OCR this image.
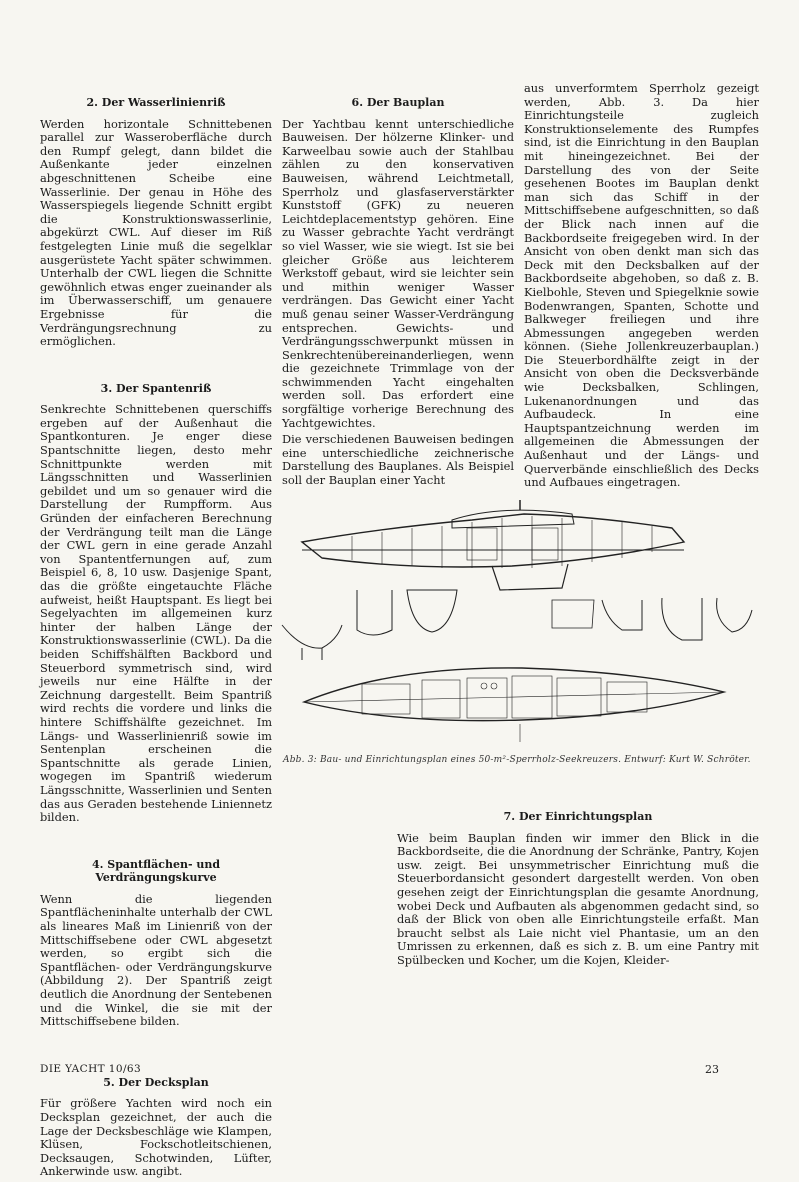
2. Der Wasserlinienriß

Werden horizontale Schnittebenen parallel zur Wasseroberfläche durch den Rumpf gelegt, dann bildet die Außenkante jeder einzelnen abgeschnittenen Scheibe eine Wasserlinie. Der genau in Höhe des Wasserspiegels liegende Schnitt ergibt die Konstruktionswasserlinie, abgekürzt CWL. Auf dieser im Riß festgelegten Linie muß die segelklar ausgerüstete Yacht später schwimmen. Unterhalb der CWL liegen die Schnitte gewöhnlich etwas enger zueinander als im Überwasserschiff, um genauere Ergebnisse für die Verdrängungsrechnung zu ermöglichen.

3. Der Spantenriß

Senkrechte Schnittebenen querschiffs ergeben auf der Außenhaut die Spantkonturen. Je enger diese Spantschnitte liegen, desto mehr Schnittpunkte werden mit Längsschnitten und Wasserlinien gebildet und um so genauer wird die Darstellung der Rumpfform. Aus Gründen der einfacheren Berechnung der Verdrängung teilt man die Länge der CWL gern in eine gerade Anzahl von Spantentfernungen auf, zum Beispiel 6, 8, 10 usw. Dasjenige Spant, das die größte eingetauchte Fläche aufweist, heißt Hauptspant. Es liegt bei Segelyachten im allgemeinen kurz hinter der halben Länge der Konstruktionswasserlinie (CWL). Da die beiden Schiffshälften Backbord und Steuerbord symmetrisch sind, wird jeweils nur eine Hälfte in der Zeichnung dargestellt. Beim Spantriß wird rechts die vordere und links die hintere Schiffshälfte gezeichnet. Im Längs- und Wasserlinienriß sowie im Sentenplan erscheinen die Spantschnitte als gerade Linien, wogegen im Spantriß wiederum Längsschnitte, Wasserlinien und Senten das aus Geraden bestehende Liniennetz bilden.

4. Spantflächen- und Verdrängungskurve

Wenn die liegenden Spantflächeninhalte unterhalb der CWL als lineares Maß im Linienriß von der Mittschiffsebene oder CWL abgesetzt werden, so ergibt sich die Spantflächen- oder Verdrängungskurve (Abbildung 2). Der Spantriß zeigt deutlich die Anordnung der Sentebenen und die Winkel, die sie mit der Mittschiffsebene bilden.

5. Der Decksplan

Für größere Yachten wird noch ein Decksplan gezeichnet, der auch die Lage der Decksbeschläge wie Klampen, Klüsen, Fockschotleitschienen, Decksaugen, Schotwinden, Lüfter, Ankerwinde usw. angibt.

6. Der Bauplan

Der Yachtbau kennt unterschiedliche Bauweisen. Der hölzerne Klinker- und Karweelbau sowie auch der Stahlbau zählen zu den konservativen Bauweisen, während Leichtmetall, Sperrholz und glasfaserverstärkter Kunststoff (GFK) zu neueren Leichtdeplacementstyp gehören. Eine zu Wasser gebrachte Yacht verdrängt so viel Wasser, wie sie wiegt. Ist sie bei gleicher Größe aus leichterem Werkstoff gebaut, wird sie leichter sein und mithin weniger Wasser verdrängen. Das Gewicht einer Yacht muß genau seiner Wasser-Verdrängung entsprechen. Gewichts- und Verdrängungsschwerpunkt müssen in Senkrechtenübereinanderliegen, wenn die gezeichnete Trimmlage von der schwimmenden Yacht eingehalten werden soll. Das erfordert eine sorgfältige vorherige Berechnung des Yachtgewichtes.

Die verschiedenen Bauweisen bedingen eine unterschiedliche zeichnerische Darstellung des Bauplanes. Als Beispiel soll der Bauplan einer Yacht

aus unverformtem Sperrholz gezeigt werden, Abb. 3. Da hier Einrichtungsteile zugleich Konstruktionselemente des Rumpfes sind, ist die Einrichtung in den Bauplan mit hineingezeichnet. Bei der Darstellung des von der Seite gesehenen Bootes im Bauplan denkt man sich das Schiff in der Mittschiffsebene aufgeschnitten, so daß der Blick nach innen auf die Backbordseite freigegeben wird. In der Ansicht von oben denkt man sich das Deck mit den Decksbalken auf der Backbordseite abgehoben, so daß z. B. Kielbohle, Steven und Spiegelknie sowie Bodenwrangen, Spanten, Schotte und Balkweger freiliegen und ihre Abmessungen angegeben werden können. (Siehe Jollenkreuzerbauplan.) Die Steuerbordhälfte zeigt in der Ansicht von oben die Decksverbände wie Decksbalken, Schlingen, Lukenanordnungen und das Aufbaudeck. In eine Hauptspantzeichnung werden im allgemeinen die Abmessungen der Außenhaut und der Längs- und Querverbände einschließlich des Decks und Aufbaues eingetragen.

Abb. 3: Bau- und Einrichtungsplan eines 50-m²-Sperrholz-Seekreuzers. Entwurf: Kurt W. Schröter.
7. Der Einrichtungsplan

Wie beim Bauplan finden wir immer den Blick in die Backbordseite, die die Anordnung der Schränke, Pantry, Kojen usw. zeigt. Bei unsymmetrischer Einrichtung muß die Steuerbordansicht gesondert dargestellt werden. Von oben gesehen zeigt der Einrichtungsplan die gesamte Anordnung, wobei Deck und Aufbauten als abgenommen gedacht sind, so daß der Blick von oben alle Einrichtungsteile erfaßt. Man braucht selbst als Laie nicht viel Phantasie, um an den Umrissen zu erkennen, daß es sich z. B. um eine Pantry mit Spülbecken und Kocher, um die Kojen, Kleider-

DIE YACHT 10/63	23
